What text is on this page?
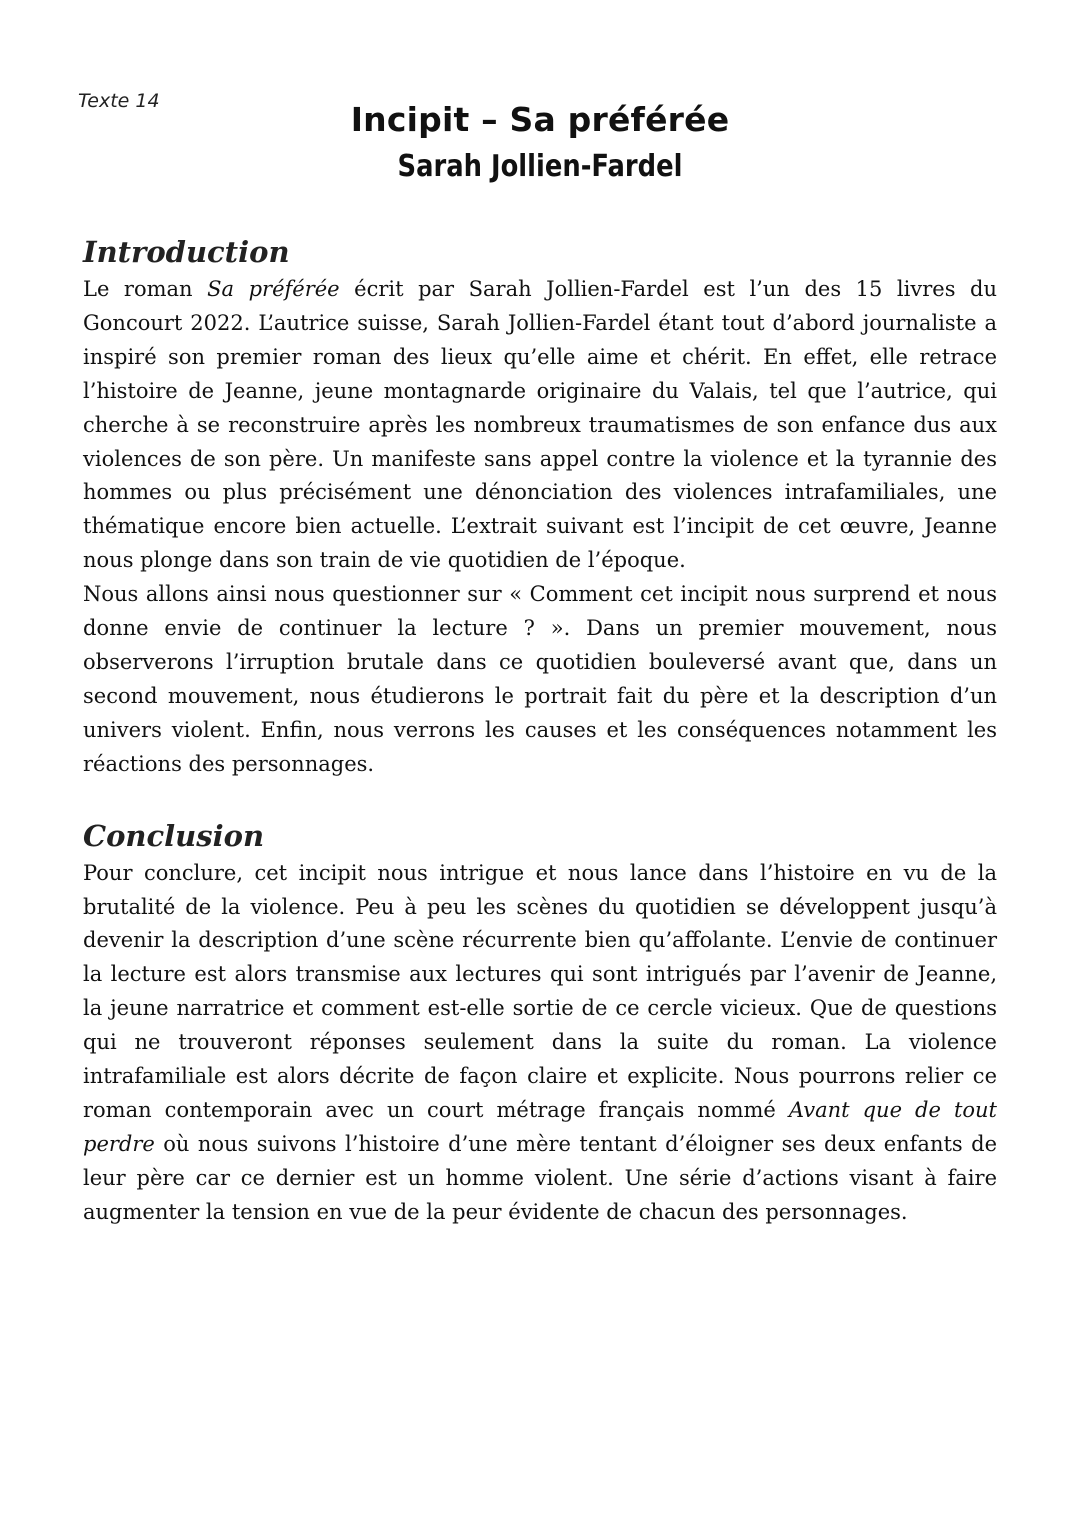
Texte 14	Incipit – Sa préférée
Sarah Jollien-Fardel
Introduction

Le roman Sa préférée écrit par Sarah Jollien-Fardel est l’un des 15 livres du Goncourt 2022. L’autrice suisse, Sarah Jollien-Fardel étant tout d’abord journaliste a inspiré son premier roman des lieux qu’elle aime et chérit. En effet, elle retrace l’histoire de Jeanne, jeune montagnarde originaire du Valais, tel que l’autrice, qui cherche à se reconstruire après les nombreux traumatismes de son enfance dus aux violences de son père. Un manifeste sans appel contre la violence et la tyrannie des hommes ou plus précisément une dénonciation des violences intrafamiliales, une thématique encore bien actuelle. L’extrait suivant est l’incipit de cet œuvre, Jeanne nous plonge dans son train de vie quotidien de l’époque.

Nous allons ainsi nous questionner sur « Comment cet incipit nous surprend et nous donne envie de continuer la lecture ? ». Dans un premier mouvement, nous observerons l’irruption brutale dans ce quotidien bouleversé avant que, dans un second mouvement, nous étudierons le portrait fait du père et la description d’un univers violent. Enfin, nous verrons les causes et les conséquences notamment les réactions des personnages.

Conclusion

Pour conclure, cet incipit nous intrigue et nous lance dans l’histoire en vu de la brutalité de la violence. Peu à peu les scènes du quotidien se développent jusqu’à devenir la description d’une scène récurrente bien qu’affolante. L’envie de continuer la lecture est alors transmise aux lectures qui sont intrigués par l’avenir de Jeanne, la jeune narratrice et comment est-elle sortie de ce cercle vicieux. Que de questions qui ne trouveront réponses seulement dans la suite du roman. La violence intrafamiliale est alors décrite de façon claire et explicite. Nous pourrons relier ce roman contemporain avec un court métrage français nommé Avant que de tout perdre où nous suivons l’histoire d’une mère tentant d’éloigner ses deux enfants de leur père car ce dernier est un homme violent. Une série d’actions visant à faire augmenter la tension en vue de la peur évidente de chacun des personnages.
